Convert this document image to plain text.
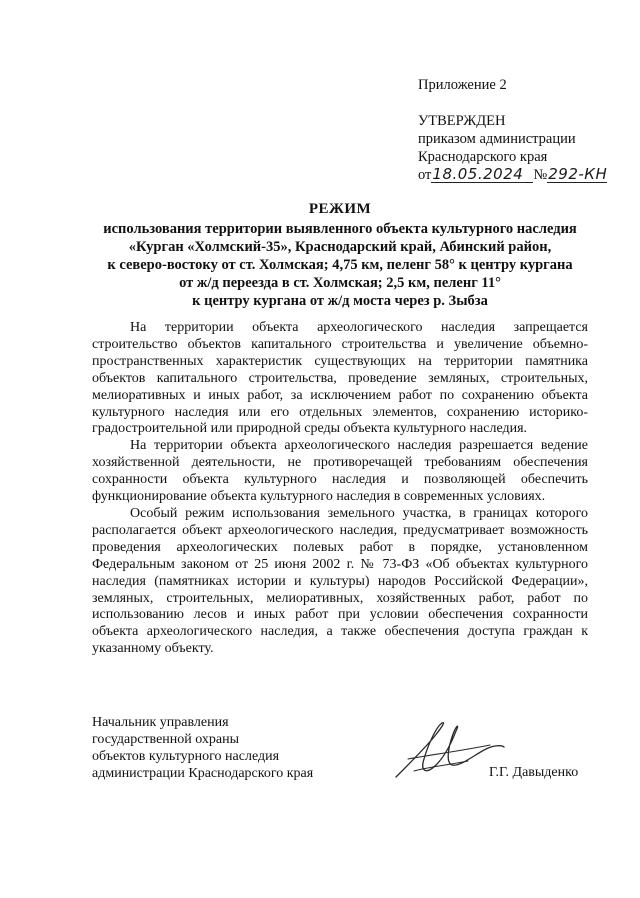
Приложение 2
УТВЕРЖДЕН
приказом администрации
Краснодарского края
от18.05.2024 №292-КН
РЕЖИМ
использования территории выявленного объекта культурного наследия
«Курган «Холмский-35», Краснодарский край, Абинский район,
к северо-востоку от ст. Холмская; 4,75 км, пеленг 58° к центру кургана
от ж/д переезда в ст. Холмская; 2,5 км, пеленг 11°
к центру кургана от ж/д моста через р. Зыбза

На территории объекта археологического наследия запрещается строительство объектов капитального строительства и увеличение объемно-пространственных характеристик существующих на территории памятника объектов капитального строительства, проведение земляных, строительных, мелиоративных и иных работ, за исключением работ по сохранению объекта культурного наследия или его отдельных элементов, сохранению историко-градостроительной или природной среды объекта культурного наследия.

На территории объекта археологического наследия разрешается ведение хозяйственной деятельности, не противоречащей требованиям обеспечения сохранности объекта культурного наследия и позволяющей обеспечить функционирование объекта культурного наследия в современных условиях.

Особый режим использования земельного участка, в границах которого располагается объект археологического наследия, предусматривает возможность проведения археологических полевых работ в порядке, установленном Федеральным законом от 25 июня 2002 г. № 73-ФЗ «Об объектах культурного наследия (памятниках истории и культуры) народов Российской Федерации», земляных, строительных, мелиоративных, хозяйственных работ, работ по использованию лесов и иных работ при условии обеспечения сохранности объекта археологического наследия, а также обеспечения доступа граждан к указанному объекту.

Начальник управления
государственной охраны
объектов культурного наследия
администрации Краснодарского края	Г.Г. Давыденко
